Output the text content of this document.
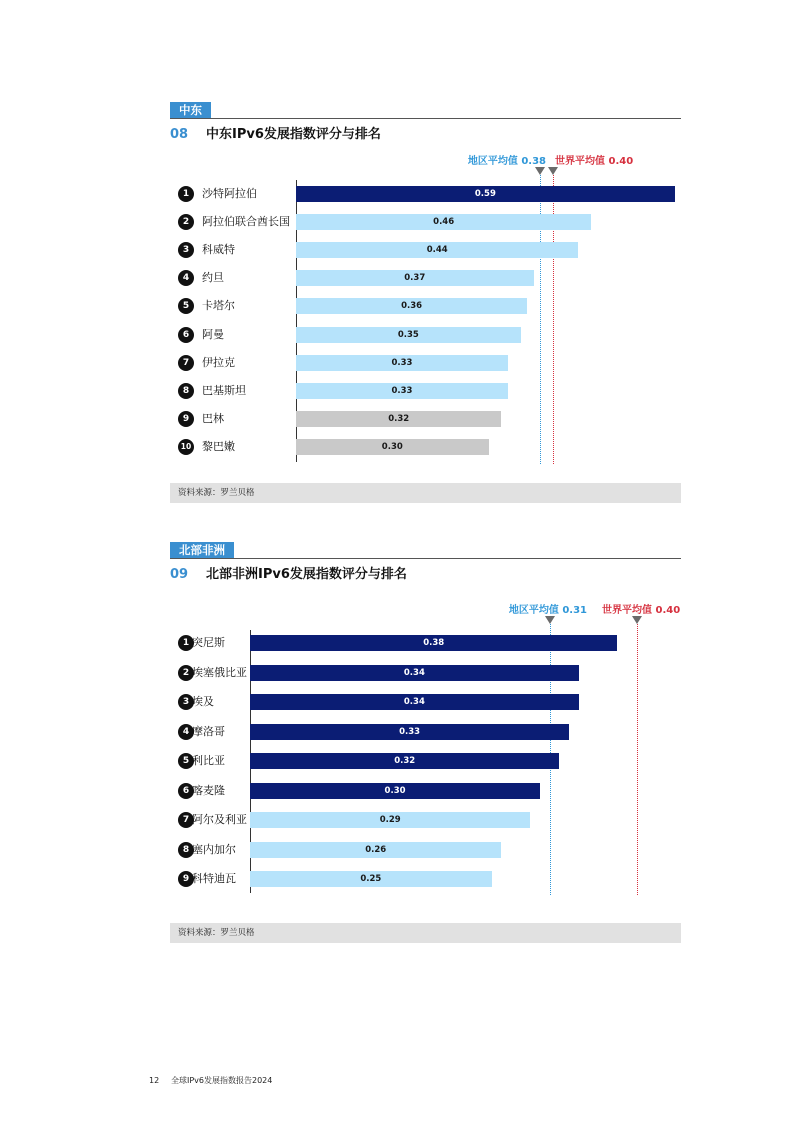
中东
08 中东IPv6发展指数评分与排名
地区平均值 0.38 世界平均值 0.40
1	沙特阿拉伯	0.59
2	阿拉伯联合酋长国	0.46
3	科威特	0.44
4	约旦	0.37
5	卡塔尔	0.36
6	阿曼	0.35
7	伊拉克	0.33
8	巴基斯坦	0.33
9	巴林	0.32
10 黎巴嫩	0.30
资料来源：罗兰贝格
北部非洲
09 北部非洲IPv6发展指数评分与排名
地区平均值 0.31 世界平均值 0.40
1 突尼斯	0.38
2 埃塞俄比亚	0.34
3 埃及	0.34
4 摩洛哥	0.33
5 利比亚	0.32
6 喀麦隆	0.30
7 阿尔及利亚	0.29
8 塞内加尔	0.26
9 科特迪瓦	0.25
资料来源：罗兰贝格
12 全球IPv6发展指数报告2024
